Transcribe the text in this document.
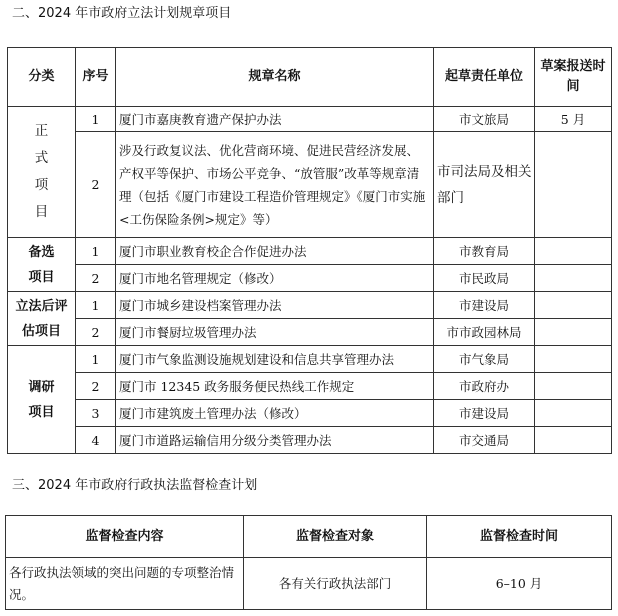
二、2024 年市政府立法计划规章项目
分类	序号	规章名称	起草责任单位	草案报送时间

正
式
项
目	1	厦门市嘉庚教育遗产保护办法	市文旅局	5 月
	2	涉及行政复议法、优化营商环境、促进民营经济发展、产权平等保护、市场公平竞争、“放管服”改革等规章清理（包括《厦门市建设工程造价管理规定》《厦门市实施<工伤保险条例>规定》等）	市司法局及相关部门	

备选
项目	1	厦门市职业教育校企合作促进办法	市教育局	
	2	厦门市地名管理规定（修改）	市民政局	

立法后评
估项目	1	厦门市城乡建设档案管理办法	市建设局	
	2	厦门市餐厨垃圾管理办法	市市政园林局	

调研
项目	1	厦门市气象监测设施规划建设和信息共享管理办法	市气象局	
	2	厦门市 12345 政务服务便民热线工作规定	市政府办	
	3	厦门市建筑废土管理办法（修改）	市建设局	
	4	厦门市道路运输信用分级分类管理办法	市交通局	
三、2024 年市政府行政执法监督检查计划
监督检查内容	监督检查对象	监督检查时间
各行政执法领域的突出问题的专项整治情况。	各有关行政执法部门	6–10 月
